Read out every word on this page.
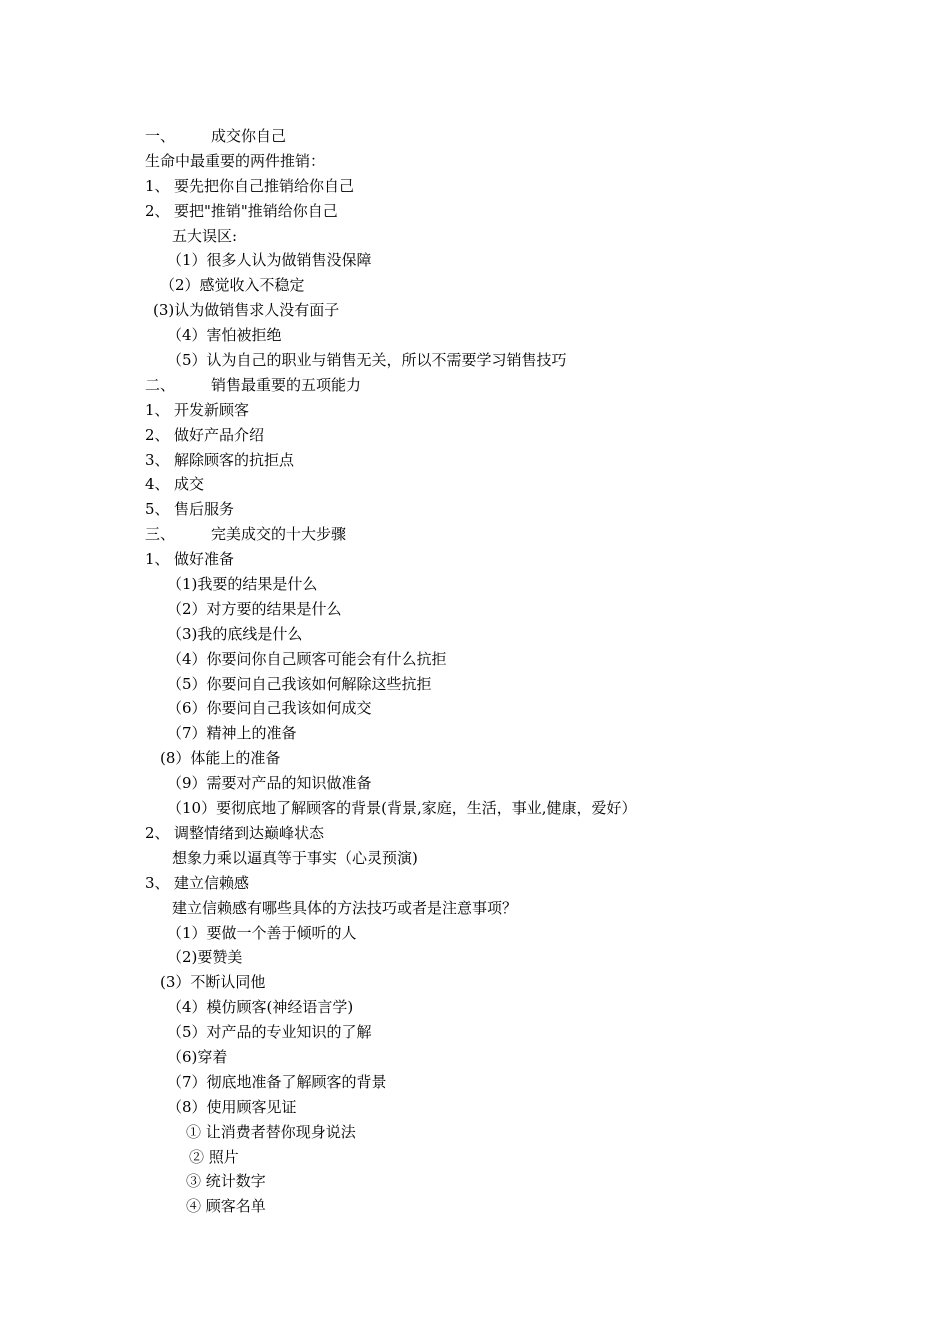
一、 成交你自己
生命中最重要的两件推销：
1、 要先把你自己推销给你自己
2、 要把"推销"推销给你自己
五大误区:
（1）很多人认为做销售没保障
（2）感觉收入不稳定
(3)认为做销售求人没有面子
（4）害怕被拒绝
（5）认为自己的职业与销售无关，所以不需要学习销售技巧
二、 销售最重要的五项能力
1、 开发新顾客
2、 做好产品介绍
3、 解除顾客的抗拒点
4、 成交
5、 售后服务
三、 完美成交的十大步骤
1、 做好准备
（1)我要的结果是什么
（2）对方要的结果是什么
（3)我的底线是什么
（4）你要问你自己顾客可能会有什么抗拒
（5）你要问自己我该如何解除这些抗拒
（6）你要问自己我该如何成交
（7）精神上的准备
(8）体能上的准备
（9）需要对产品的知识做准备
（10）要彻底地了解顾客的背景(背景,家庭，生活，事业,健康，爱好）
2、 调整情绪到达巅峰状态
想象力乘以逼真等于事实（心灵预演)
3、 建立信赖感
建立信赖感有哪些具体的方法技巧或者是注意事项？
（1）要做一个善于倾听的人
（2)要赞美
(3）不断认同他
（4）模仿顾客(神经语言学)
（5）对产品的专业知识的了解
（6)穿着
（7）彻底地准备了解顾客的背景
（8）使用顾客见证
① 让消费者替你现身说法
② 照片
③ 统计数字
④ 顾客名单
